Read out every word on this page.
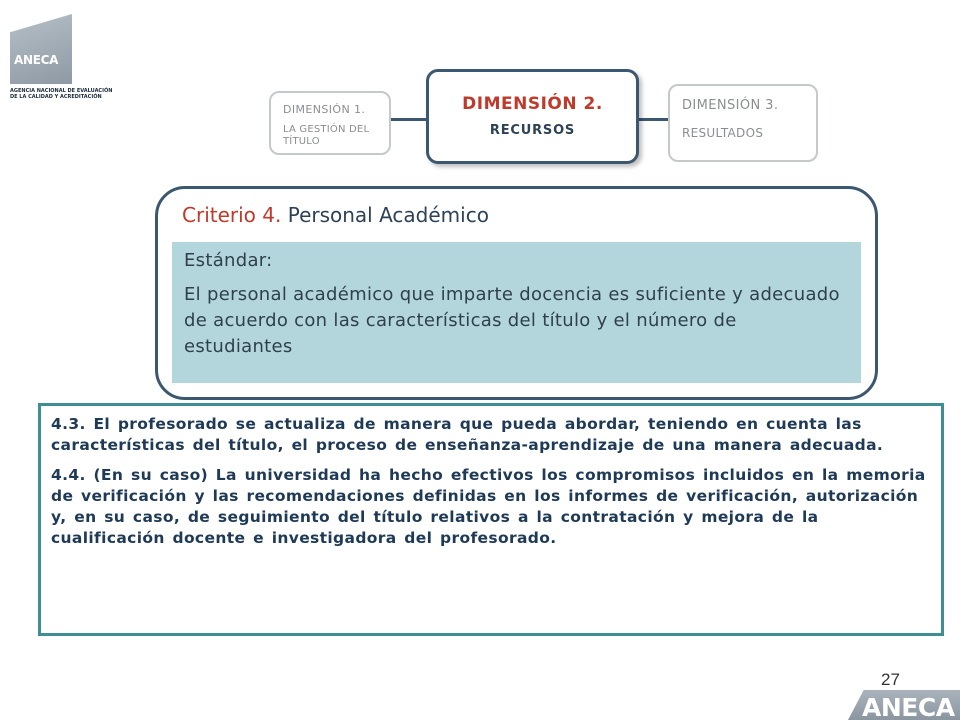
ANECA
AGENCIA NACIONAL DE EVALUACIÓN DE LA CALIDAD Y ACREDITACIÓN
DIMENSIÓN 1.
LA GESTIÓN DEL TÍTULO
DIMENSIÓN 2.
RECURSOS
DIMENSIÓN 3.
RESULTADOS
Criterio 4. Personal Académico
Estándar:
El personal académico que imparte docencia es suficiente y adecuado de acuerdo con las características del título y el número de estudiantes

4.3. El profesorado se actualiza de manera que pueda abordar, teniendo en cuenta las características del título, el proceso de enseñanza-aprendizaje de una manera adecuada.

4.4. (En su caso) La universidad ha hecho efectivos los compromisos incluidos en la memoria de verificación y las recomendaciones definidas en los informes de verificación, autorización y, en su caso, de seguimiento del título relativos a la contratación y mejora de la cualificación docente e investigadora del profesorado.

27
ANECA
